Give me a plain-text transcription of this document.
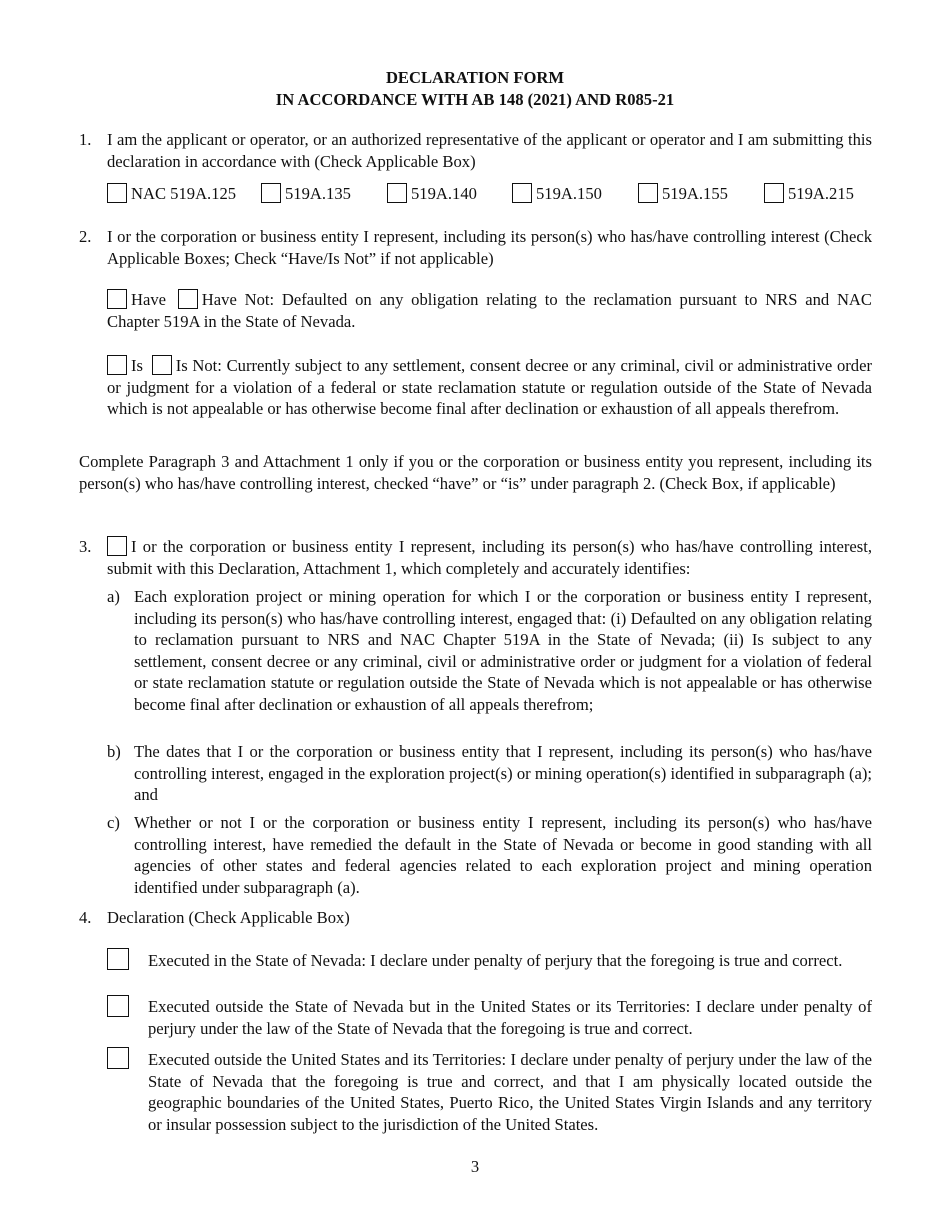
DECLARATION FORM
IN ACCORDANCE WITH AB 148 (2021) AND R085-21
1. I am the applicant or operator, or an authorized representative of the applicant or operator and I am submitting this declaration in accordance with (Check Applicable Box)
NAC 519A.125	519A.135	519A.140	519A.150	519A.155	519A.215
2. I or the corporation or business entity I represent, including its person(s) who has/have controlling interest (Check Applicable Boxes; Check “Have/Is Not” if not applicable)
Have Have Not: Defaulted on any obligation relating to the reclamation pursuant to NRS and NAC Chapter 519A in the State of Nevada.
Is Is Not: Currently subject to any settlement, consent decree or any criminal, civil or administrative order or judgment for a violation of a federal or state reclamation statute or regulation outside of the State of Nevada which is not appealable or has otherwise become final after declination or exhaustion of all appeals therefrom.
Complete Paragraph 3 and Attachment 1 only if you or the corporation or business entity you represent, including its person(s) who has/have controlling interest, checked “have” or “is” under paragraph 2. (Check Box, if applicable)
3.	I or the corporation or business entity I represent, including its person(s) who has/have controlling interest, submit with this Declaration, Attachment 1, which completely and accurately identifies:
a) Each exploration project or mining operation for which I or the corporation or business entity I represent, including its person(s) who has/have controlling interest, engaged that: (i) Defaulted on any obligation relating to reclamation pursuant to NRS and NAC Chapter 519A in the State of Nevada; (ii) Is subject to any settlement, consent decree or any criminal, civil or administrative order or judgment for a violation of federal or state reclamation statute or regulation outside the State of Nevada which is not appealable or has otherwise become final after declination or exhaustion of all appeals therefrom;
b) The dates that I or the corporation or business entity that I represent, including its person(s) who has/have controlling interest, engaged in the exploration project(s) or mining operation(s) identified in subparagraph (a); and
c) Whether or not I or the corporation or business entity I represent, including its person(s) who has/have controlling interest, have remedied the default in the State of Nevada or become in good standing with all agencies of other states and federal agencies related to each exploration project and mining operation identified under subparagraph (a).
4. Declaration (Check Applicable Box)
Executed in the State of Nevada: I declare under penalty of perjury that the foregoing is true and correct.
Executed outside the State of Nevada but in the United States or its Territories: I declare under penalty of perjury under the law of the State of Nevada that the foregoing is true and correct.
Executed outside the United States and its Territories: I declare under penalty of perjury under the law of the State of Nevada that the foregoing is true and correct, and that I am physically located outside the geographic boundaries of the United States, Puerto Rico, the United States Virgin Islands and any territory or insular possession subject to the jurisdiction of the United States.
3
